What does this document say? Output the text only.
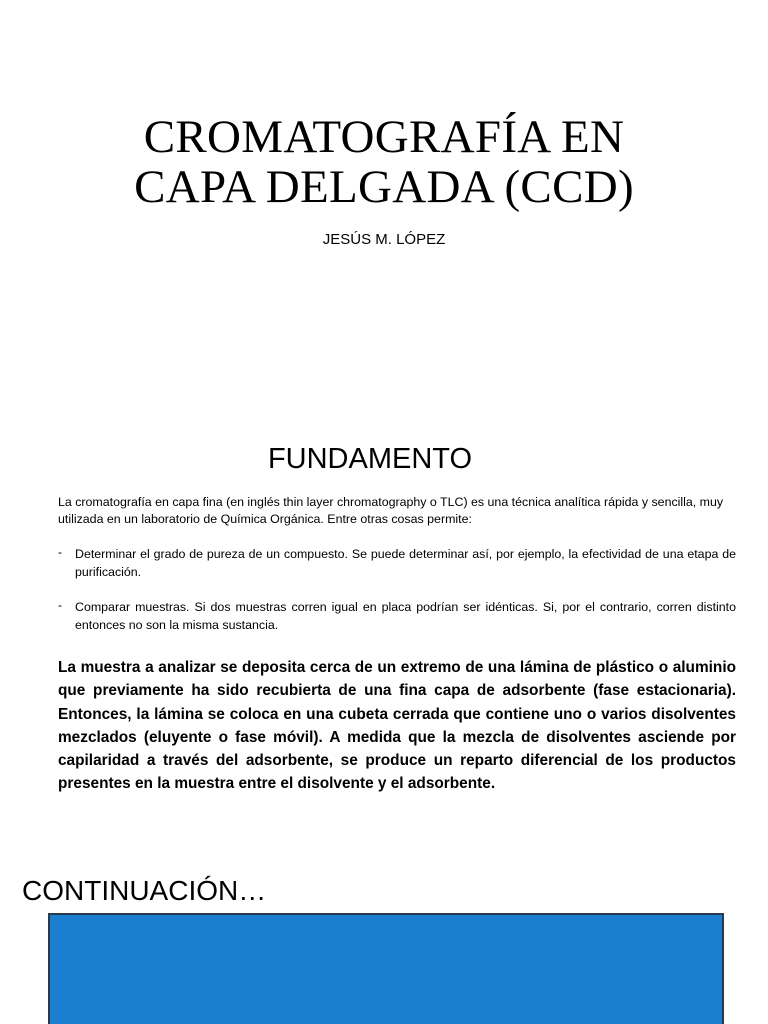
CROMATOGRAFÍA EN
CAPA DELGADA (CCD)
JESÚS M. LÓPEZ
FUNDAMENTO

La cromatografía en capa fina (en inglés thin layer chromatography o TLC) es una técnica analítica rápida y sencilla, muy utilizada en un laboratorio de Química Orgánica. Entre otras cosas permite:

- Determinar el grado de pureza de un compuesto. Se puede determinar así, por ejemplo, la efectividad de una etapa de purificación.
- Comparar muestras. Si dos muestras corren igual en placa podrían ser idénticas. Si, por el contrario, corren distinto entonces no son la misma sustancia.

La muestra a analizar se deposita cerca de un extremo de una lámina de plástico o aluminio que previamente ha sido recubierta de una fina capa de adsorbente (fase estacionaria). Entonces, la lámina se coloca en una cubeta cerrada que contiene uno o varios disolventes mezclados (eluyente o fase móvil). A medida que la mezcla de disolventes asciende por capilaridad a través del adsorbente, se produce un reparto diferencial de los productos presentes en la muestra entre el disolvente y el adsorbente.

CONTINUACIÓN…
